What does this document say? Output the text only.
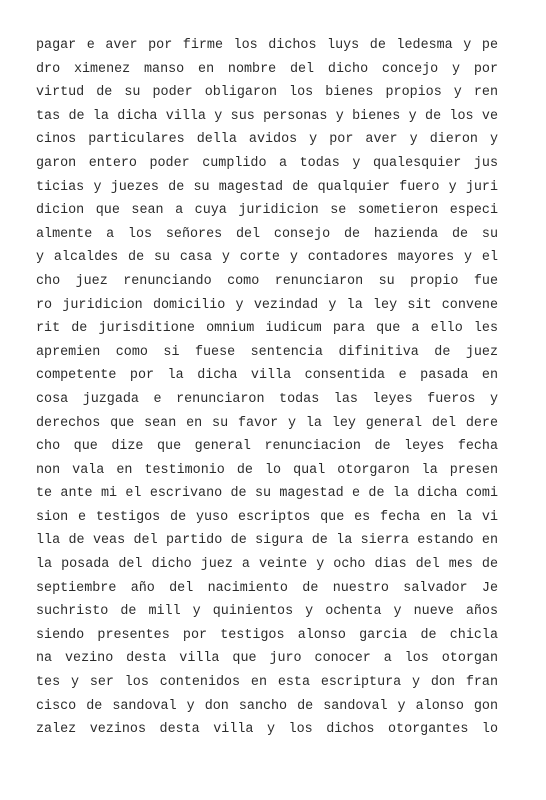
pagar e aver por firme los dichos luys de ledesma y pe
dro ximenez manso en nombre del dicho concejo y por
virtud de su poder obligaron los bienes propios y ren
tas de la dicha villa y sus personas y bienes y de los ve
cinos particulares della avidos y por aver y dieron y
garon entero poder cumplido a todas y qualesquier jus
ticias y juezes de su magestad de qualquier fuero y juri
dicion que sean a cuya juridicion se sometieron especi
almente a los señores del consejo de hazienda de su
y alcaldes de su casa y corte y contadores mayores y el
cho juez renunciando como renunciaron su propio fue
ro juridicion domicilio y vezindad y la ley sit convene
rit de jurisditione omnium iudicum para que a ello les
apremien como si fuese sentencia difinitiva de juez
competente por la dicha villa consentida e pasada en
cosa juzgada e renunciaron todas las leyes fueros y
derechos que sean en su favor y la ley general del dere
cho que dize que general renunciacion de leyes fecha
non vala en testimonio de lo qual otorgaron la presen
te ante mi el escrivano de su magestad e de la dicha comi
sion e testigos de yuso escriptos que es fecha en la vi
lla de veas del partido de sigura de la sierra estando en
la posada del dicho juez a veinte y ocho dias del mes de
septiembre año del nacimiento de nuestro salvador Je
suchristo de mill y quinientos y ochenta y nueve años
siendo presentes por testigos alonso garcia de chicla
na vezino desta villa que juro conocer a los otorgan
tes y ser los contenidos en esta escriptura y don fran
cisco de sandoval y don sancho de sandoval y alonso gon
zalez vezinos desta villa y los dichos otorgantes lo
